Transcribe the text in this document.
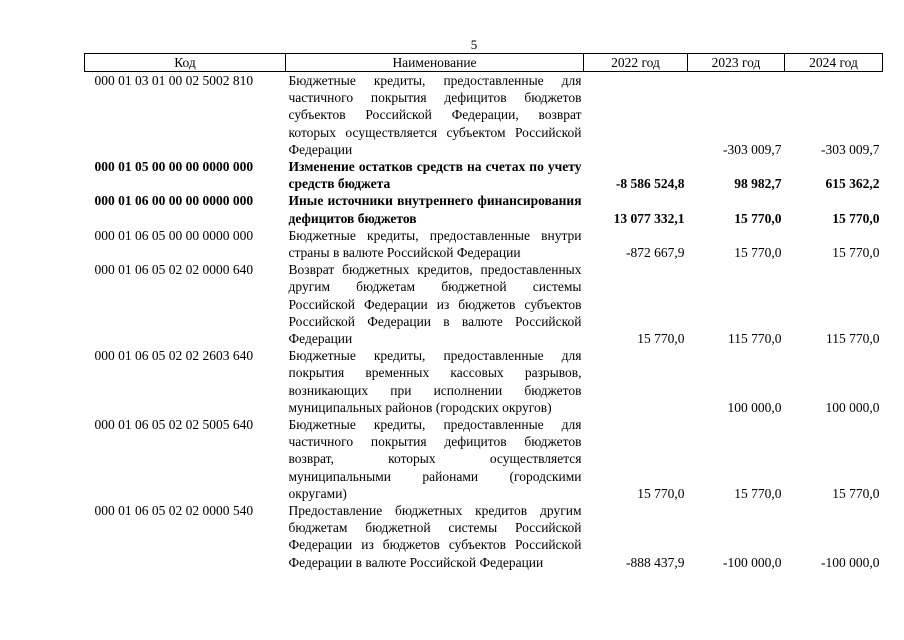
5
Код	Наименование	2022 год	2023 год	2024 год
000 01 03 01 00 02 5002 810	Бюджетные кредиты, предоставленные для частичного покрытия дефицитов бюджетов субъектов Российской Федерации, возврат которых осуществляется субъектом Российской Федерации		-303 009,7	-303 009,7
000 01 05 00 00 00 0000 000	Изменение остатков средств на счетах по учету средств бюджета	-8 586 524,8	98 982,7	615 362,2
000 01 06 00 00 00 0000 000	Иные источники внутреннего финансирования дефицитов бюджетов	13 077 332,1	15 770,0	15 770,0
000 01 06 05 00 00 0000 000	Бюджетные кредиты, предоставленные внутри страны в валюте Российской Федерации	-872 667,9	15 770,0	15 770,0
000 01 06 05 02 02 0000 640	Возврат бюджетных кредитов, предоставленных другим бюджетам бюджетной системы Российской Федерации из бюджетов субъектов Российской Федерации в валюте Российской Федерации	15 770,0	115 770,0	115 770,0
000 01 06 05 02 02 2603 640	Бюджетные кредиты, предоставленные для покрытия временных кассовых разрывов, возникающих при исполнении бюджетов муниципальных районов (городских округов)		100 000,0	100 000,0
000 01 06 05 02 02 5005 640	Бюджетные кредиты, предоставленные для частичного покрытия дефицитов бюджетов возврат, которых осуществляется муниципальными районами (городскими округами)	15 770,0	15 770,0	15 770,0
000 01 06 05 02 02 0000 540	Предоставление бюджетных кредитов другим бюджетам бюджетной системы Российской Федерации из бюджетов субъектов Российской Федерации в валюте Российской Федерации	-888 437,9	-100 000,0	-100 000,0
